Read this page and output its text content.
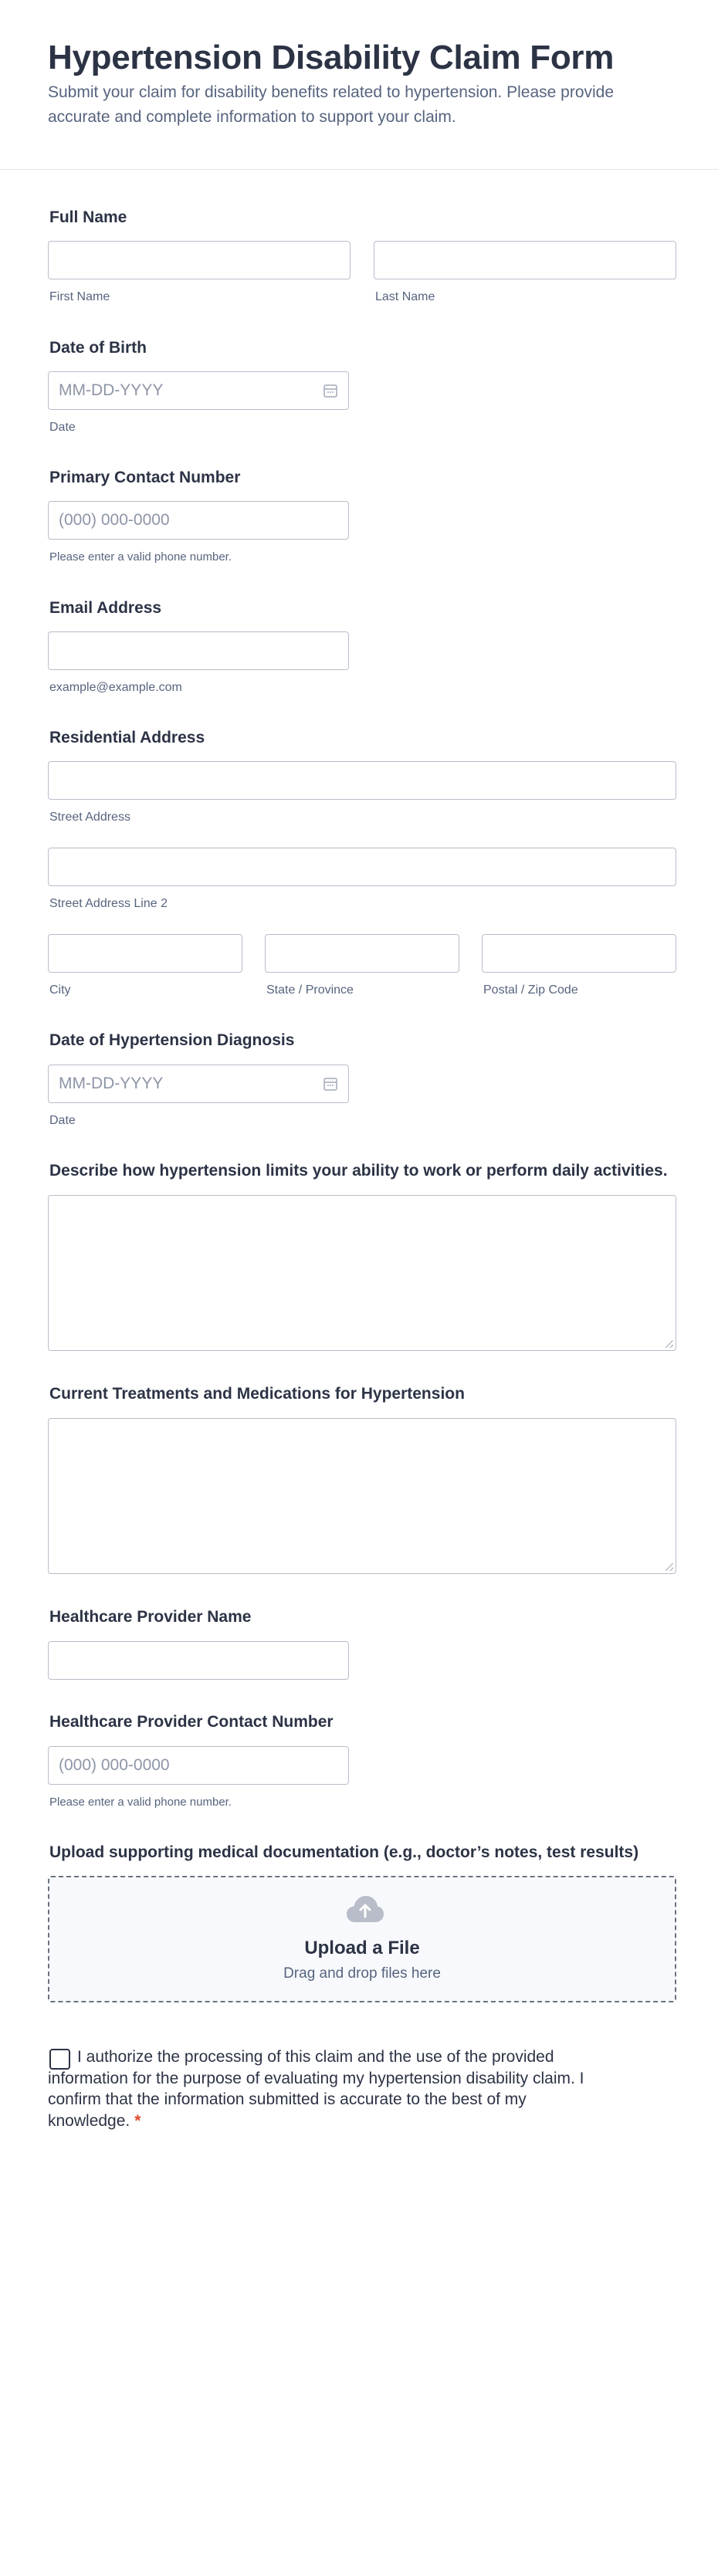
Hypertension Disability Claim Form

Submit your claim for disability benefits related to hypertension. Please provide accurate and complete information to support your claim.

Full Name
First Name	Last Name
Date of Birth
MM-DD-YYYY
Date
Primary Contact Number
(000) 000-0000
Please enter a valid phone number.
Email Address
example@example.com
Residential Address
Street Address
Street Address Line 2
City	State / Province	Postal / Zip Code
Date of Hypertension Diagnosis
MM-DD-YYYY
Date
Describe how hypertension limits your ability to work or perform daily activities.
Current Treatments and Medications for Hypertension
Healthcare Provider Name
Healthcare Provider Contact Number
(000) 000-0000
Please enter a valid phone number.
Upload supporting medical documentation (e.g., doctor’s notes, test results)
Upload a File
Drag and drop files here

I authorize the processing of this claim and the use of the provided information for the purpose of evaluating my hypertension disability claim. I confirm that the information submitted is accurate to the best of my knowledge. *
